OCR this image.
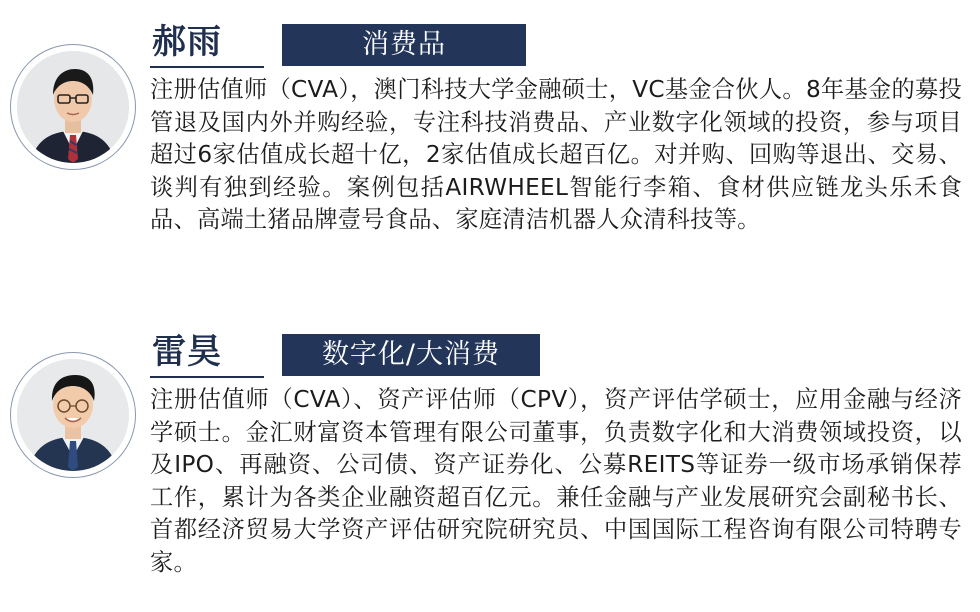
郝雨	消费品
注册估值师（CVA），澳门科技大学金融硕士，VC基金合伙人。8年基金的募投管退及国内外并购经验，专注科技消费品、产业数字化领域的投资，参与项目超过6家估值成长超十亿，2家估值成长超百亿。对并购、回购等退出、交易、谈判有独到经验。案例包括AIRWHEEL智能行李箱、食材供应链龙头乐禾食品、高端土猪品牌壹号食品、家庭清洁机器人众清科技等。
雷昊	数字化/大消费
注册估值师（CVA）、资产评估师（CPV），资产评估学硕士，应用金融与经济学硕士。金汇财富资本管理有限公司董事，负责数字化和大消费领域投资，以及IPO、再融资、公司债、资产证券化、公募REITS等证券一级市场承销保荐工作，累计为各类企业融资超百亿元。兼任金融与产业发展研究会副秘书长、首都经济贸易大学资产评估研究院研究员、中国国际工程咨询有限公司特聘专家。
